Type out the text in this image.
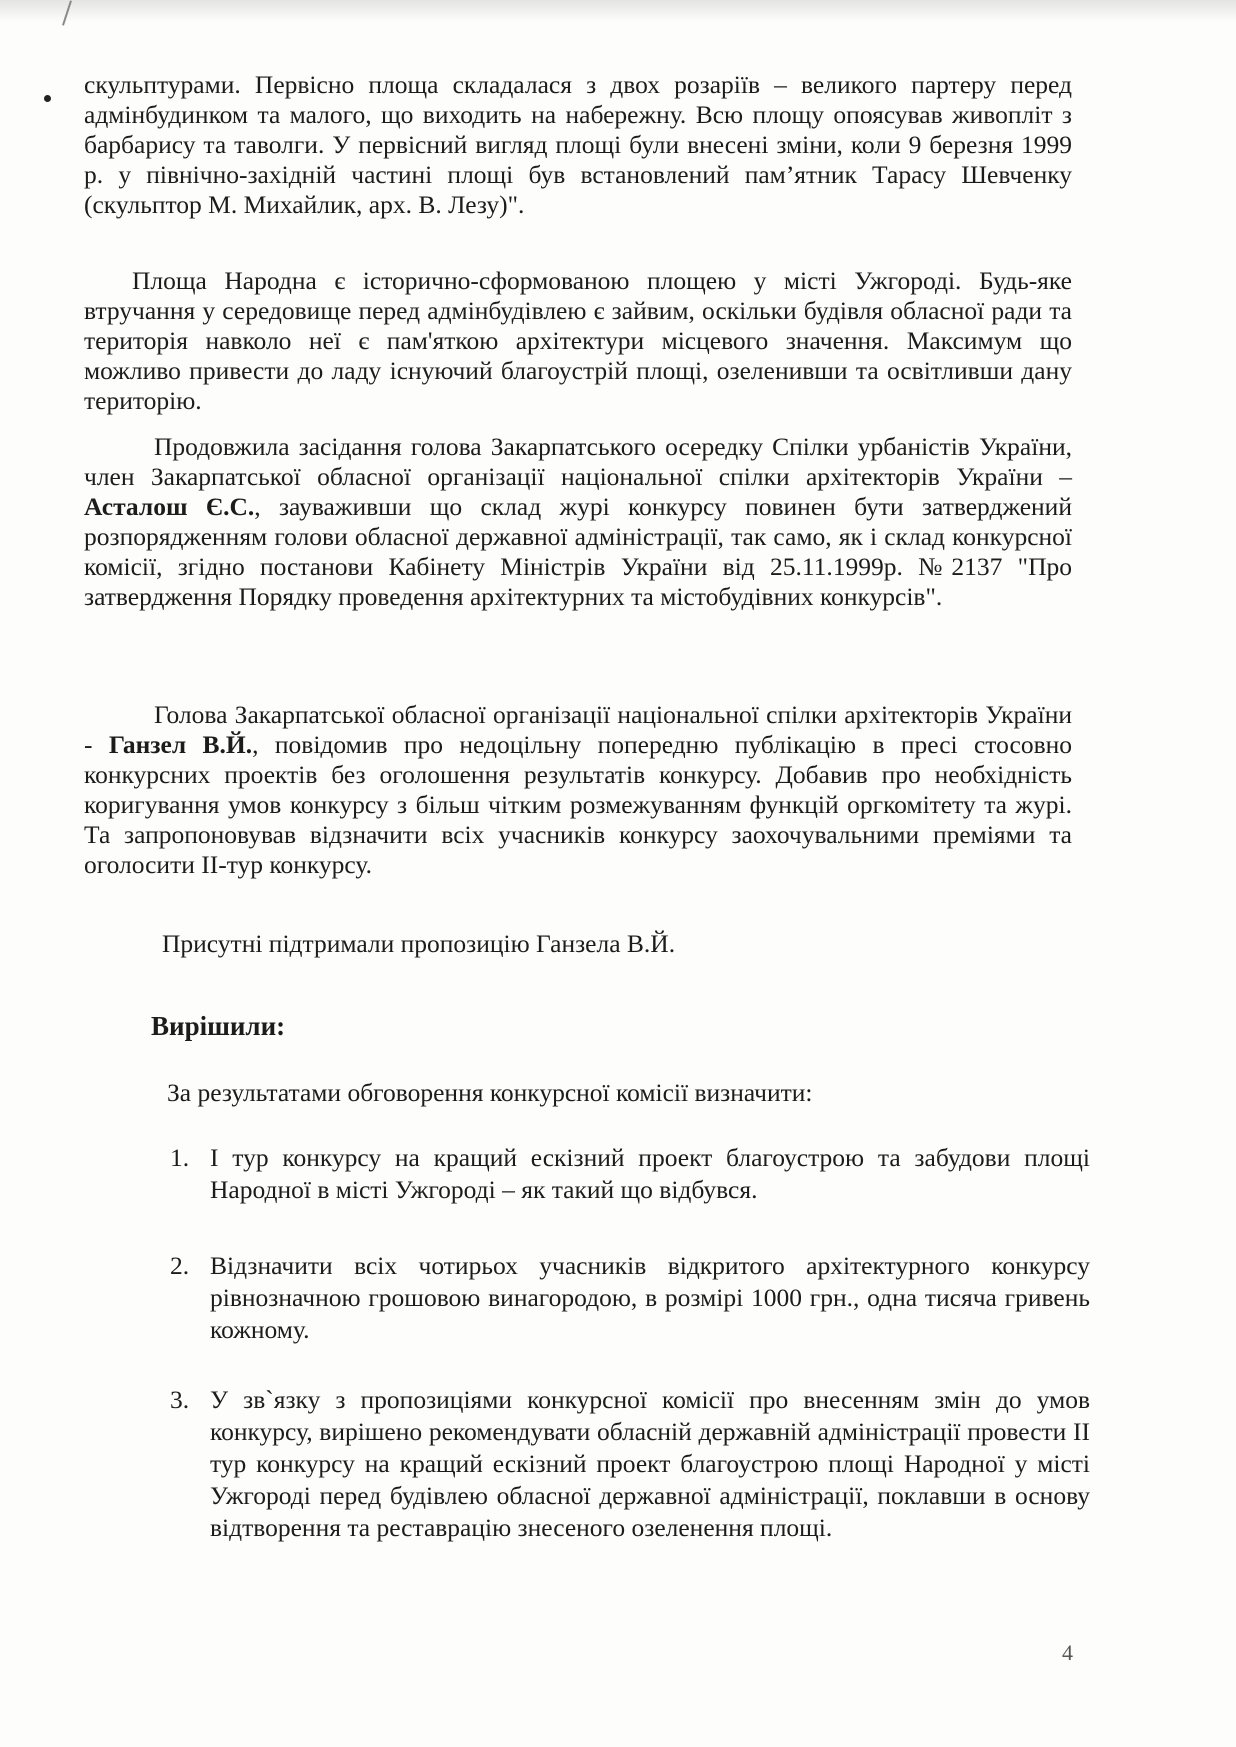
скульптурами. Первісно площа складалася з двох розаріїв – великого партеру перед адмінбудинком та малого, що виходить на набережну. Всю площу опоясував живопліт з барбарису та таволги. У первісний вигляд площі були внесені зміни, коли 9 березня 1999 р. у північно-західній частині площі був встановлений пам’ятник Тарасу Шевченку (скульптор М. Михайлик, арх. В. Лезу)".

Площа Народна є історично-сформованою площею у місті Ужгороді. Будь-яке втручання у середовище перед адмінбудівлею є зайвим, оскільки будівля обласної ради та територія навколо неї є пам'яткою архітектури місцевого значення. Максимум що можливо привести до ладу існуючий благоустрій площі, озеленивши та освітливши дану територію.

Продовжила засідання голова Закарпатського осередку Спілки урбаністів України, член Закарпатської обласної організації національної спілки архітекторів України – Асталош Є.С., зауваживши що склад журі конкурсу повинен бути затверджений розпорядженням голови обласної державної адміністрації, так само, як і склад конкурсної комісії, згідно постанови Кабінету Міністрів України від 25.11.1999р. №2137 "Про затвердження Порядку проведення архітектурних та містобудівних конкурсів".

Голова Закарпатської обласної організації національної спілки архітекторів України - Ганзел В.Й., повідомив про недоцільну попередню публікацію в пресі стосовно конкурсних проектів без оголошення результатів конкурсу. Добавив про необхідність коригування умов конкурсу з більш чітким розмежуванням функцій оргкомітету та журі. Та запропоновував відзначити всіх учасників конкурсу заохочувальними преміями та оголосити ІІ-тур конкурсу.

Присутні підтримали пропозицію Ганзела В.Й.
Вирішили:
За результатами обговорення конкурсної комісії визначити:
1. І тур конкурсу на кращий ескізний проект благоустрою та забудови площі Народної в місті Ужгороді – як такий що відбувся.
2. Відзначити всіх чотирьох учасників відкритого архітектурного конкурсу рівнозначною грошовою винагородою, в розмірі 1000 грн., одна тисяча гривень кожному.
3. У зв`язку з пропозиціями конкурсної комісії про внесенням змін до умов конкурсу, вирішено рекомендувати обласній державній адміністрації провести ІІ тур конкурсу на кращий ескізний проект благоустрою площі Народної у місті Ужгороді перед будівлею обласної державної адміністрації, поклавши в основу відтворення та реставрацію знесеного озеленення площі.
4
